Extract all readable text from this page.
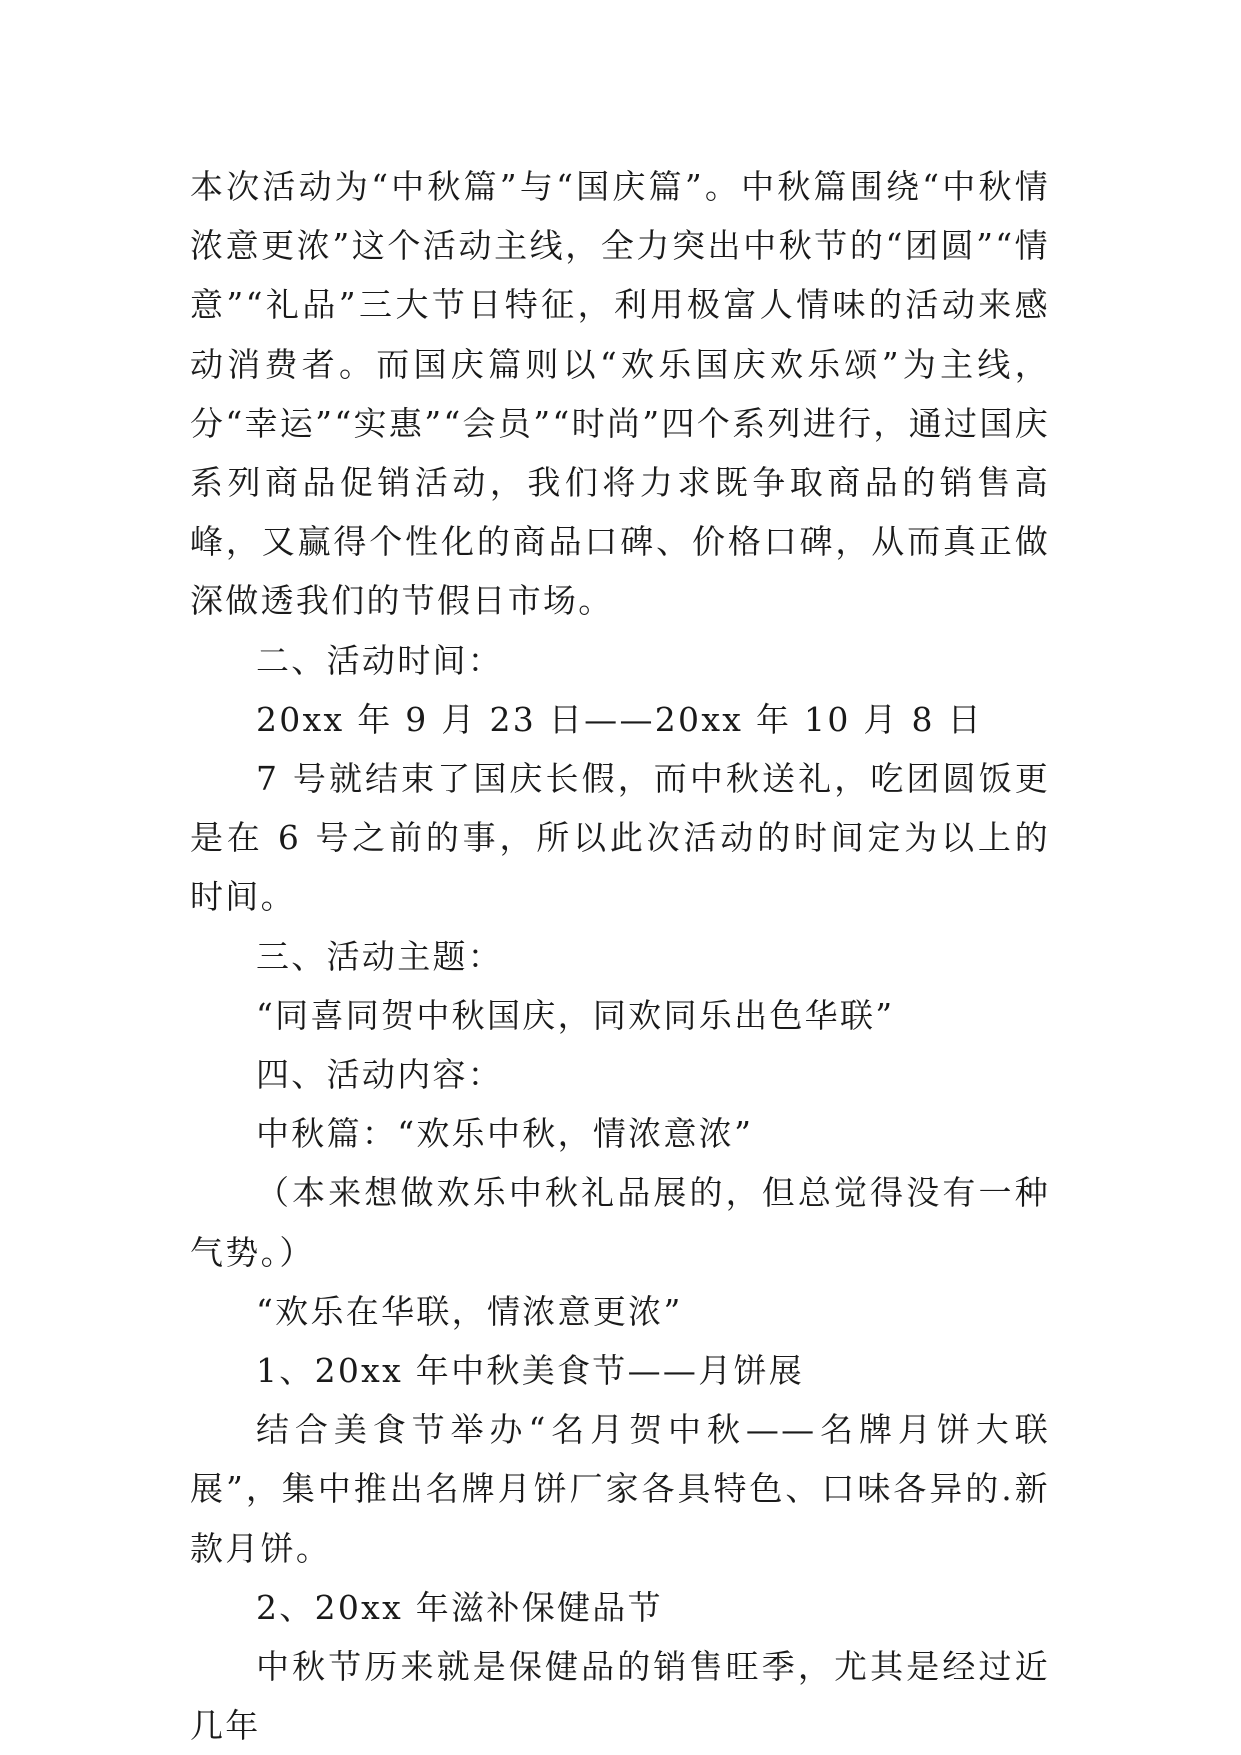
本次活动为“中秋篇”与“国庆篇”。中秋篇围绕“中秋情浓意更浓”这个活动主线，全力突出中秋节的“团圆”“情意”“礼品”三大节日特征，利用极富人情味的活动来感动消费者。而国庆篇则以“欢乐国庆欢乐颂”为主线，分“幸运”“实惠”“会员”“时尚”四个系列进行，通过国庆系列商品促销活动，我们将力求既争取商品的销售高峰，又赢得个性化的商品口碑、价格口碑，从而真正做深做透我们的节假日市场。

二、活动时间：

20xx 年 9 月 23 日——20xx 年 10 月 8 日

7 号就结束了国庆长假，而中秋送礼，吃团圆饭更是在 6 号之前的事，所以此次活动的时间定为以上的时间。

三、活动主题：

“同喜同贺中秋国庆，同欢同乐出色华联”

四、活动内容：

中秋篇：“欢乐中秋，情浓意浓”

（本来想做欢乐中秋礼品展的，但总觉得没有一种气势。）

“欢乐在华联，情浓意更浓”

1、20xx 年中秋美食节——月饼展

结合美食节举办“名月贺中秋——名牌月饼大联展”，集中推出名牌月饼厂家各具特色、口味各异的.新款月饼。

2、20xx 年滋补保健品节

中秋节历来就是保健品的销售旺季，尤其是经过近几年
